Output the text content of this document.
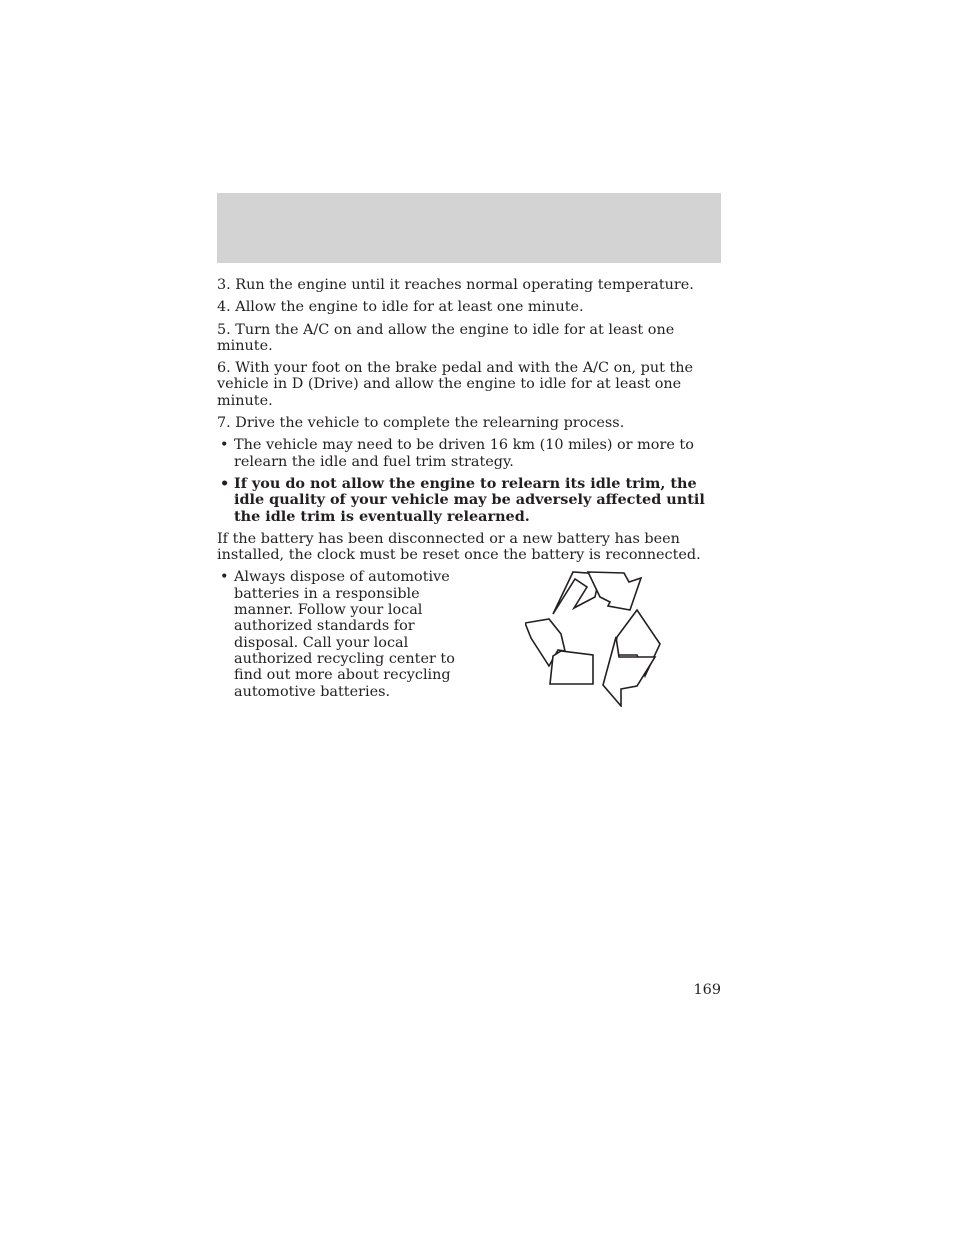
3. Run the engine until it reaches normal operating temperature.
4. Allow the engine to idle for at least one minute.
5. Turn the A/C on and allow the engine to idle for at least one minute.
6. With your foot on the brake pedal and with the A/C on, put the vehicle in D (Drive) and allow the engine to idle for at least one minute.
7. Drive the vehicle to complete the relearning process.
• The vehicle may need to be driven 16 km (10 miles) or more to relearn the idle and fuel trim strategy.
• If you do not allow the engine to relearn its idle trim, the idle quality of your vehicle may be adversely affected until the idle trim is eventually relearned.
If the battery has been disconnected or a new battery has been installed, the clock must be reset once the battery is reconnected.
• Always dispose of automotive batteries in a responsible manner. Follow your local authorized standards for disposal. Call your local authorized recycling center to find out more about recycling automotive batteries.
169
